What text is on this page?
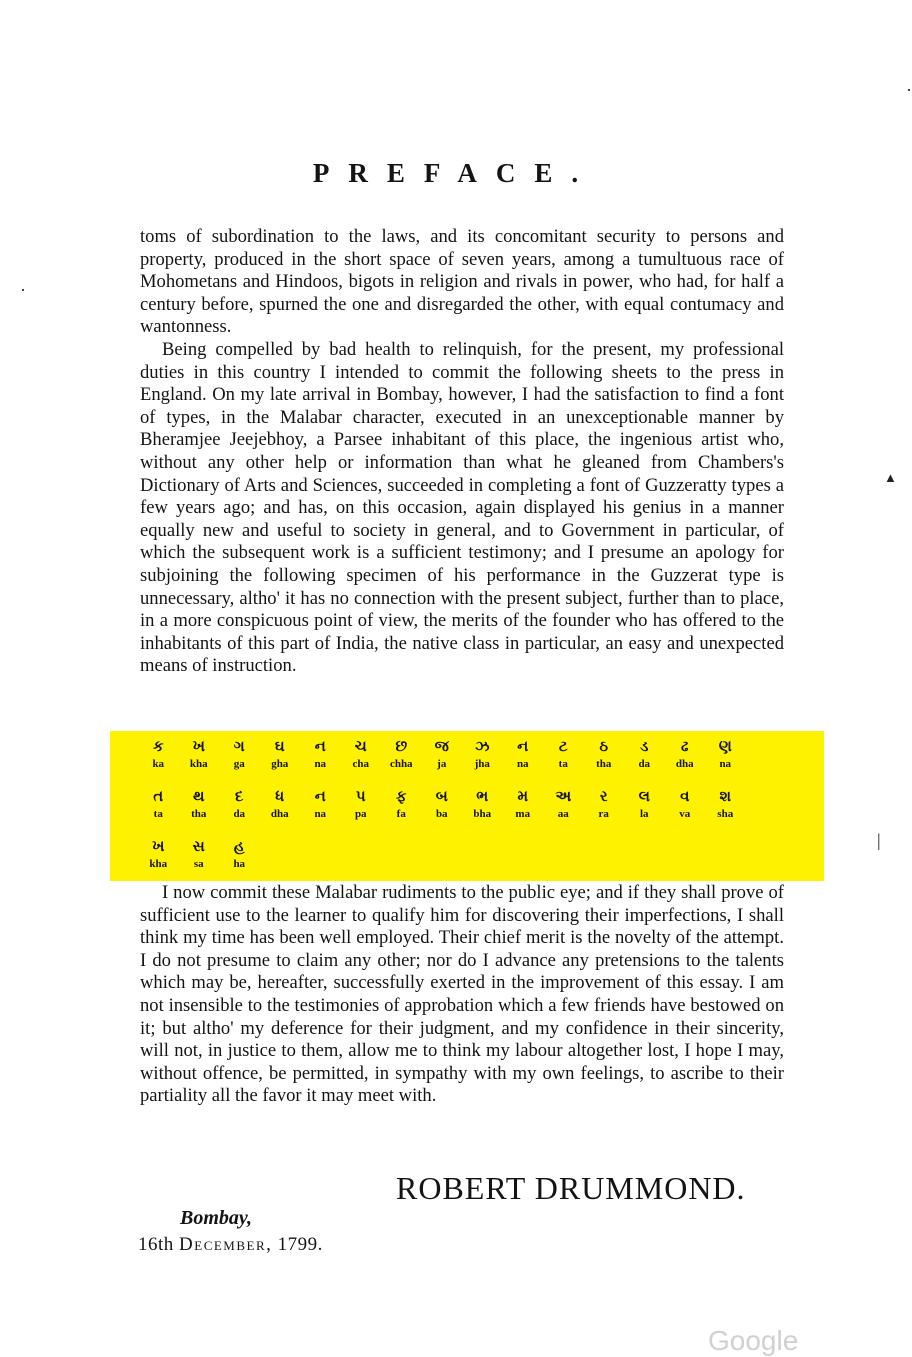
PREFACE.

toms of subordination to the laws, and its concomitant security to persons and property, produced in the short space of seven years, among a tumultuous race of Mohometans and Hindoos, bigots in religion and rivals in power, who had, for half a century before, spurned the one and disregarded the other, with equal contumacy and wantonness.

Being compelled by bad health to relinquish, for the present, my professional duties in this country I intended to commit the following sheets to the press in England. On my late arrival in Bombay, however, I had the satisfaction to find a font of types, in the Malabar character, executed in an unexceptionable manner by Bheramjee Jeejebhoy, a Parsee inhabitant of this place, the ingenious artist who, without any other help or information than what he gleaned from Chambers's Dictionary of Arts and Sciences, succeeded in completing a font of Guzzeratty types a few years ago; and has, on this occasion, again displayed his genius in a manner equally new and useful to society in general, and to Government in particular, of which the subsequent work is a sufficient testimony; and I presume an apology for subjoining the following specimen of his performance in the Guzzerat type is unnecessary, altho' it has no connection with the present subject, further than to place, in a more conspicuous point of view, the merits of the founder who has offered to the inhabitants of this part of India, the native class in particular, an easy and unexpected means of instruction.

ક
ka
ખ
kha
ગ
ga
ઘ
gha
ન
na
ચ
cha
છ
chha
જ
ja
ઝ
jha
ન
na
ટ
ta
ઠ
tha
ડ
da
ઢ
dha
ણ
na
ત
ta
થ
tha
દ
da
ધ
dha
ન
na
પ
pa
ફ
fa
બ
ba
ભ
bha
મ
ma
અ
aa
ર
ra
લ
la
વ
va
શ
sha
ખ
kha
સ
sa
હ
ha

I now commit these Malabar rudiments to the public eye; and if they shall prove of sufficient use to the learner to qualify him for discovering their imperfections, I shall think my time has been well employed. Their chief merit is the novelty of the attempt. I do not presume to claim any other; nor do I advance any pretensions to the talents which may be, hereafter, successfully exerted in the improvement of this essay. I am not insensible to the testimonies of approbation which a few friends have bestowed on it; but altho' my deference for their judgment, and my confidence in their sincerity, will not, in justice to them, allow me to think my labour altogether lost, I hope I may, without offence, be permitted, in sympathy with my own feelings, to ascribe to their partiality all the favor it may meet with.

ROBERT DRUMMOND.
Bombay,
16th December, 1799.
Google
·
▲
|
·
